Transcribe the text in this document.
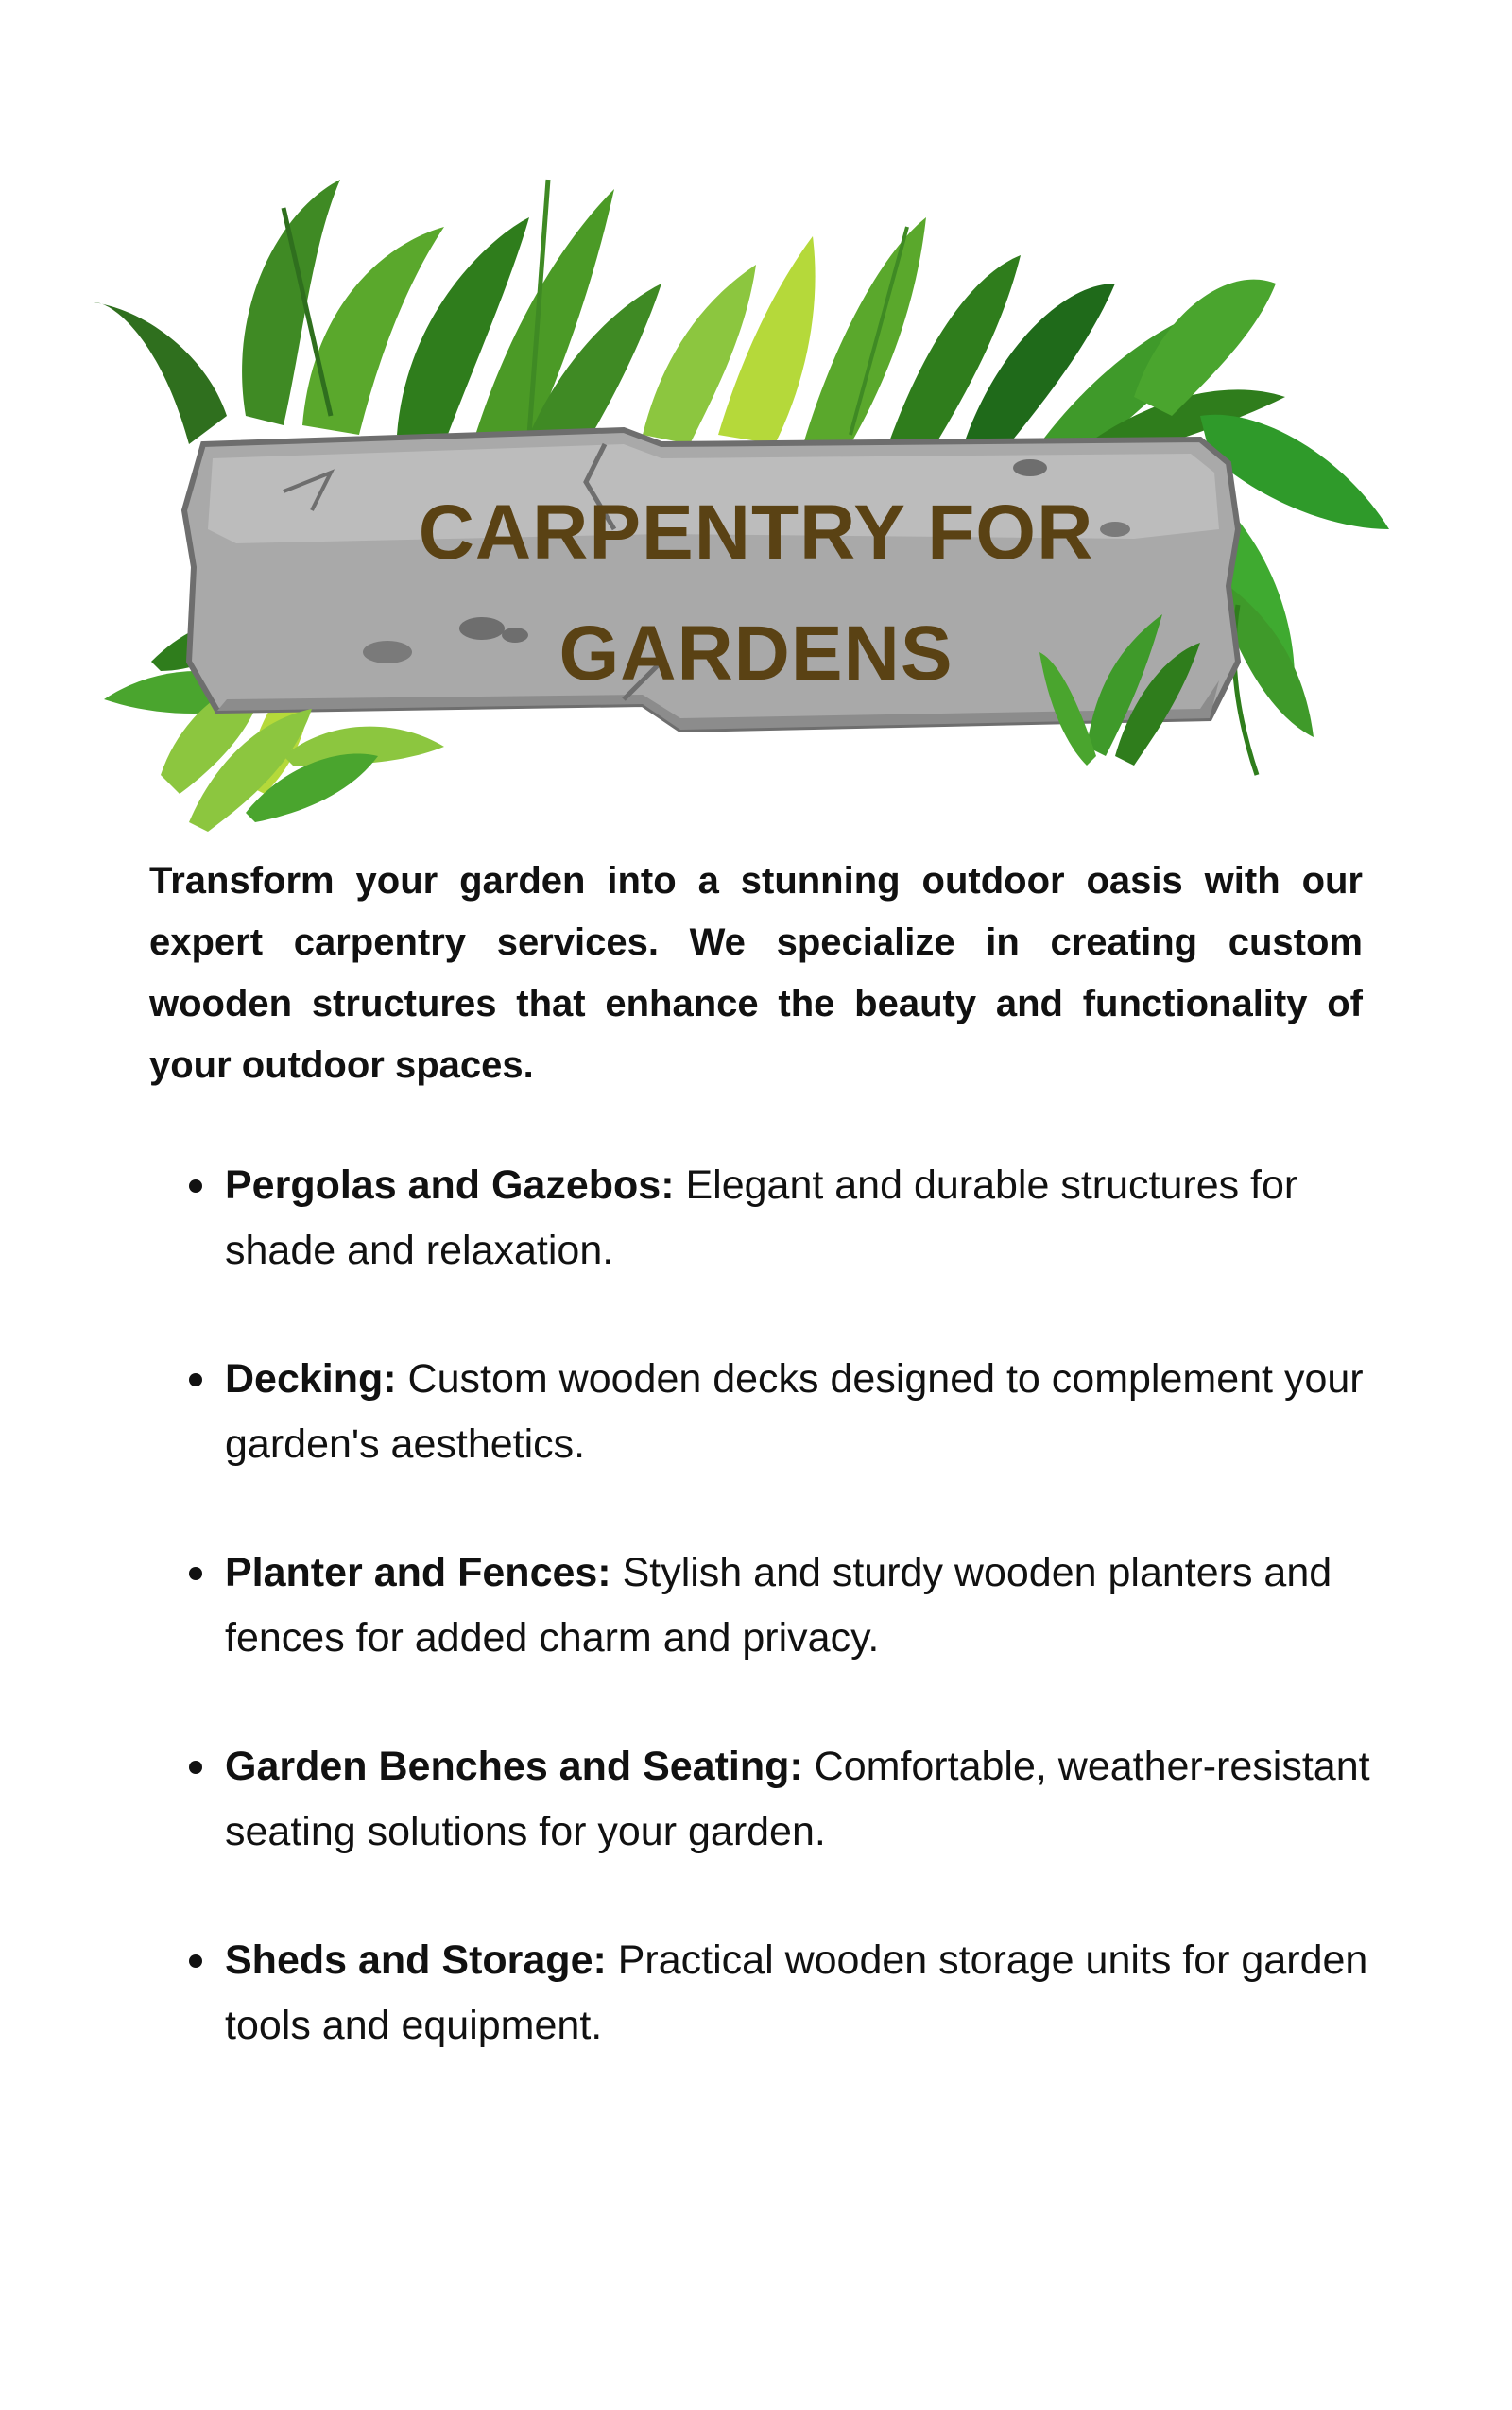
CARPENTRY FOR
GARDENS

Transform your garden into a stunning outdoor oasis with our expert carpentry services. We specialize in creating custom wooden structures that enhance the beauty and functionality of your outdoor spaces.

Pergolas and Gazebos: Elegant and durable structures for shade and relaxation.
Decking: Custom wooden decks designed to complement your garden's aesthetics.
Planter and Fences: Stylish and sturdy wooden planters and fences for added charm and privacy.
Garden Benches and Seating: Comfortable, weather-resistant seating solutions for your garden.
Sheds and Storage: Practical wooden storage units for garden tools and equipment.
